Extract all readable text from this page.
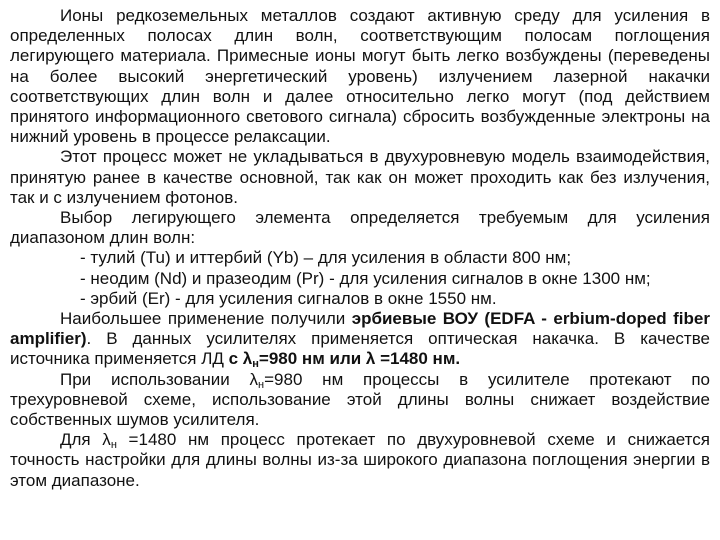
Ионы редкоземельных металлов создают активную среду для усиления в определенных полосах длин волн, соответствующим полосам поглощения легирующего материала. Примесные ионы могут быть легко возбуждены (переведены на более высокий энергетический уровень) излучением лазерной накачки соответствующих длин волн и далее относительно легко могут (под действием принятого информационного светового сигнала) сбросить возбужденные электроны на нижний уровень в процессе релаксации.

Этот процесс может не укладываться в двухуровневую модель взаимодействия, принятую ранее в качестве основной, так как он может проходить как без излучения, так и с излучением фотонов.

Выбор легирующего элемента определяется требуемым для усиления диапазоном длин волн:

- тулий (Tu) и иттербий (Yb) – для усиления в области 800 нм;

- неодим (Nd) и празеодим (Pr) - для усиления сигналов в окне 1300 нм;

- эрбий (Er) - для усиления сигналов в окне 1550 нм.

Наибольшее применение получили эрбиевые ВОУ (EDFA - erbium-doped fiber amplifier). В данных усилителях применяется оптическая накачка. В качестве источника применяется ЛД с $\lambda_н=980$ нм или λ =1480 нм.

При использовании $\lambda_н=980$ нм процессы в усилителе протекают по трехуровневой схеме, использование этой длины волны снижает воздействие собственных шумов усилителя.

Для $\lambda_н =1480$ нм процесс протекает по двухуровневой схеме и снижается точность настройки для длины волны из-за широкого диапазона поглощения энергии в этом диапазоне.
